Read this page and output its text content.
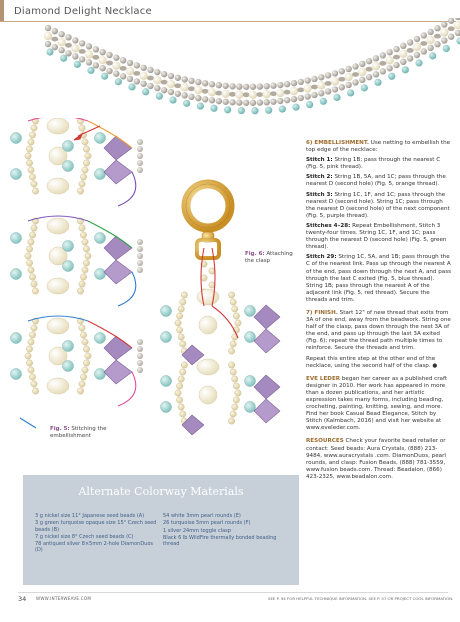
Diamond Delight Necklace
Fig. 5: Stitching the embellishment
Fig. 6: Attaching the clasp

6) EMBELLISHMENT. Use netting to embellish the top edge of the necklace:

Stitch 1: String 1B; pass through the nearest C (Fig. 5, pink thread).

Stitch 2: String 1B, 5A, and 1C; pass through the nearest D (second hole) (Fig. 5, orange thread).

Stitch 3: String 1C, 1F, and 1C; pass through the nearest D (second hole). String 1C; pass through the nearest D (second hole) of the next component (Fig. 5, purple thread).

Stitches 4–28: Repeat Embellishment, Stitch 3 twenty-four times. String 1C, 1F, and 1C; pass through the nearest D (second hole) (Fig. 5, green thread).

Stitch 29: String 1C, 5A, and 1B; pass through the C of the nearest link. Pass up through the nearest A of the end, pass down through the next A, and pass through the last C exited (Fig. 5, blue thread). String 1B; pass through the nearest A of the adjacent link (Fig. 5, red thread). Secure the threads and trim.

7) FINISH. Start 12" of new thread that exits from 3A of one end, away from the beadwork. String one half of the clasp, pass down through the nest 3A of the end, and pass up through the last 3A exited (Fig. 6); repeat the thread path multiple times to reinforce. Secure the threads and trim.

Repeat this entire step at the other end of the necklace, using the second half of the clasp. ●

EVE LEDER began her career as a published craft designer in 2010. Her work has appeared in more than a dozen publications, and her artistic expression takes many forms, including beading, crocheting, painting, knitting, sewing, and more. Find her book Casual Bead Elegance, Stitch by Stitch (Kalmbach, 2016) and visit her website at www.eveleder.com.

RESOURCES Check your favorite bead retailer or contact: Seed beads: Aura Crystals, (888) 213-9484, www.auracrystals .com. DiamonDuos, pearl rounds, and clasp: Fusion Beads, (888) 781-3559, www.fusion beads.com. Thread: Beadalon, (866) 423-2325, www.beadalon.com.

Alternate Colorway Materials
3 g nickel size 11° Japanese seed beads (A)
3 g green turquoise opaque size 15° Czech seed beads (B)
7 g nickel size 8° Czech seed beads (C)
78 antiqued silver 8×5mm 2-hole DiamonDuos (D)
54 white 3mm pearl rounds (E)
26 turquoise 5mm pearl rounds (F)
1 silver 24mm toggle clasp
Black 6 lb WildFire thermally bonded beading thread
34 WWW.INTERWEAVE.COM	SEE P. 94 FOR HELPFUL TECHNIQUE INFORMATION. SEE P. 57 OR PROJECT COOL INFORMATION.
